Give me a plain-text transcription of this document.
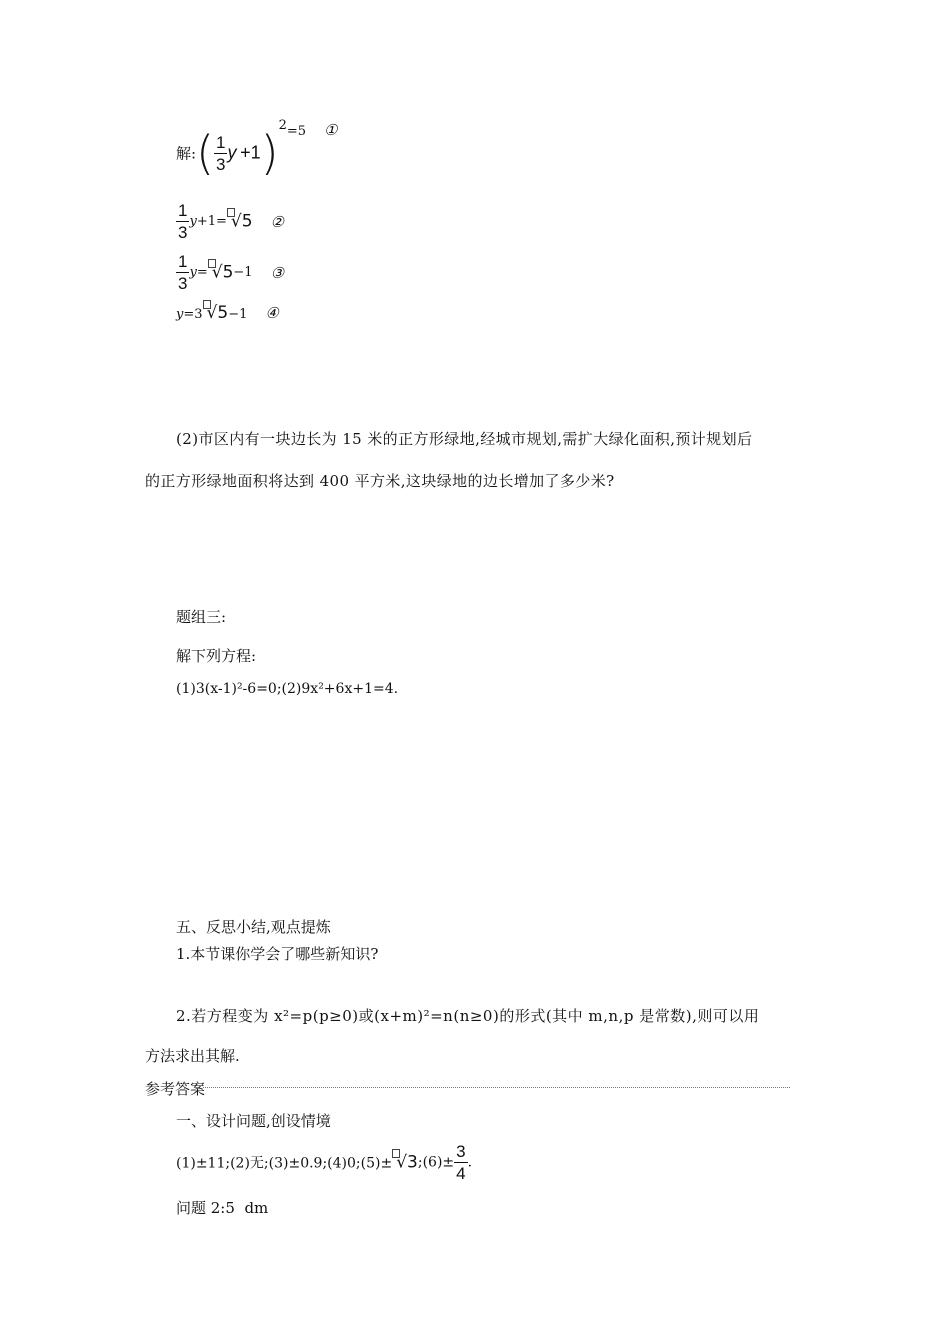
解:( $\frac{1}{3}$ y +1)$^2$=5 ①
$\frac{1}{3} y+1= √5$ ②
$\frac{1}{3} y= √5-1$ ③
y=3 √5−1 ④
(2)市区内有一块边长为 15 米的正方形绿地,经城市规划,需扩大绿化面积,预计规划后
的正方形绿地面积将达到 400 平方米,这块绿地的边长增加了多少米?
题组三:
解下列方程:
(1)3(x-1)²-6=0;(2)9x²+6x+1=4.
五、反思小结,观点提炼
1.本节课你学会了哪些新知识?
2.若方程变为 x²=p(p≥0)或(x+m)²=n(n≥0)的形式(其中 m,n,p 是常数),则可以用
方法求出其解.
参考答案
一、设计问题,创设情境
(1)±11;(2)无;(3)±0.9;(4)0;(5)± √3;(6)± $\frac{3}{4}$ .
问题 2:5  dm
